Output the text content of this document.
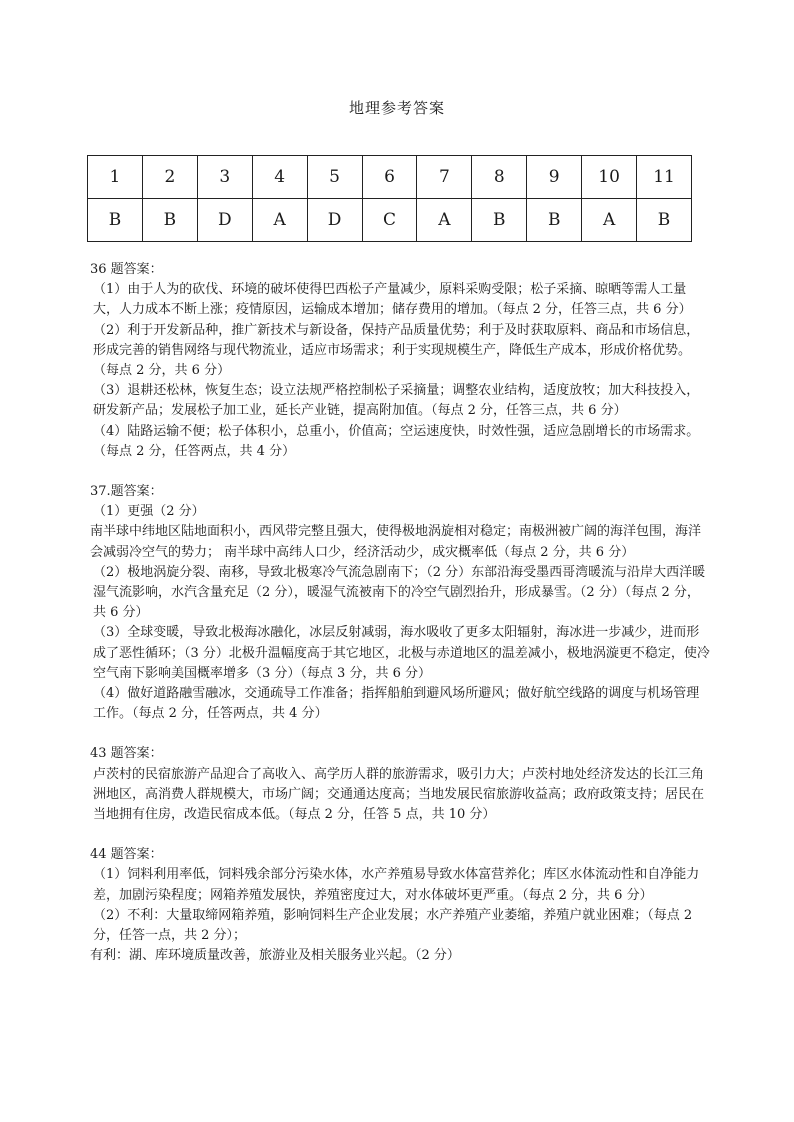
地理参考答案
1	2	3	4	5	6	7	8	9	10	11
B	B	D	A	D	C	A	B	B	A	B

36 题答案：

（1）由于人为的砍伐、环境的破坏使得巴西松子产量减少，原料采购受限；松子采摘、晾晒等需人工量大，人力成本不断上涨；疫情原因，运输成本增加；储存费用的增加。（每点 2 分，任答三点，共 6 分）

（2）利于开发新品种，推广新技术与新设备，保持产品质量优势；利于及时获取原料、商品和市场信息，形成完善的销售网络与现代物流业，适应市场需求；利于实现规模生产，降低生产成本，形成价格优势。（每点 2 分，共 6 分）

（3）退耕还松林，恢复生态；设立法规严格控制松子采摘量；调整农业结构，适度放牧；加大科技投入，研发新产品；发展松子加工业，延长产业链，提高附加值。（每点 2 分，任答三点，共 6 分）

（4）陆路运输不便；松子体积小，总重小，价值高；空运速度快，时效性强，适应急剧增长的市场需求。（每点 2 分，任答两点，共 4 分）

37.题答案：

（1）更强（2 分）

南半球中纬地区陆地面积小，西风带完整且强大，使得极地涡旋相对稳定；南极洲被广阔的海洋包围，海洋会减弱冷空气的势力； 南半球中高纬人口少，经济活动少，成灾概率低（每点 2 分，共 6 分）

（2）极地涡旋分裂、南移，导致北极寒冷气流急剧南下；（2 分）东部沿海受墨西哥湾暖流与沿岸大西洋暖湿气流影响，水汽含量充足（2 分），暖湿气流被南下的冷空气剧烈抬升，形成暴雪。（2 分）（每点 2 分，共 6 分）

（3）全球变暖，导致北极海冰融化，冰层反射减弱，海水吸收了更多太阳辐射，海冰进一步减少，进而形成了恶性循环；（3 分）北极升温幅度高于其它地区，北极与赤道地区的温差减小，极地涡漩更不稳定，使冷空气南下影响美国概率增多（3 分）（每点 3 分，共 6 分）

（4）做好道路融雪融冰，交通疏导工作准备；指挥船舶到避风场所避风；做好航空线路的调度与机场管理工作。（每点 2 分，任答两点，共 4 分）

43 题答案：

卢茨村的民宿旅游产品迎合了高收入、高学历人群的旅游需求，吸引力大；卢茨村地处经济发达的长江三角洲地区，高消费人群规模大，市场广阔；交通通达度高；当地发展民宿旅游收益高；政府政策支持；居民在当地拥有住房，改造民宿成本低。（每点 2 分，任答 5 点，共 10 分）

44 题答案：

（1）饲料利用率低，饲料残余部分污染水体，水产养殖易导致水体富营养化；库区水体流动性和自净能力差，加剧污染程度；网箱养殖发展快，养殖密度过大，对水体破坏更严重。（每点 2 分，共 6 分）

（2）不利：大量取缔网箱养殖，影响饲料生产企业发展；水产养殖产业萎缩，养殖户就业困难；（每点 2 分，任答一点，共 2 分）；

有利：湖、库环境质量改善，旅游业及相关服务业兴起。（2 分）
